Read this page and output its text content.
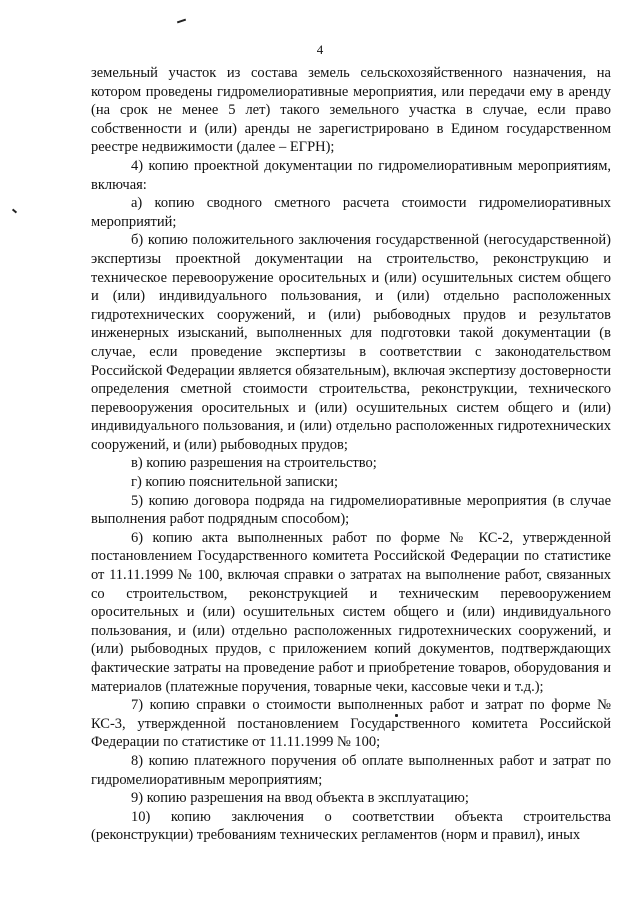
4

земельный участок из состава земель сельскохозяйственного назначения, на котором проведены гидромелиоративные мероприятия, или передачи ему в аренду (на срок не менее 5 лет) такого земельного участка в случае, если право собственности и (или) аренды не зарегистрировано в Едином государственном реестре недвижимости (далее – ЕГРН);

4) копию проектной документации по гидромелиоративным мероприятиям, включая:

а) копию сводного сметного расчета стоимости гидромелиоративных мероприятий;

б) копию положительного заключения государственной (негосударственной) экспертизы проектной документации на строительство, реконструкцию и техническое перевооружение оросительных и (или) осушительных систем общего и (или) индивидуального пользования, и (или) отдельно расположенных гидротехнических сооружений, и (или) рыбоводных прудов и результатов инженерных изысканий, выполненных для подготовки такой документации (в случае, если проведение экспертизы в соответствии с законодательством Российской Федерации является обязательным), включая экспертизу достоверности определения сметной стоимости строительства, реконструкции, технического перевооружения оросительных и (или) осушительных систем общего и (или) индивидуального пользования, и (или) отдельно расположенных гидротехнических сооружений, и (или) рыбоводных прудов;

в) копию разрешения на строительство;

г) копию пояснительной записки;

5) копию договора подряда на гидромелиоративные мероприятия (в случае выполнения работ подрядным способом);

6) копию акта выполненных работ по форме № КС-2, утвержденной постановлением Государственного комитета Российской Федерации по статистике от 11.11.1999 № 100, включая справки о затратах на выполнение работ, связанных со строительством, реконструкцией и техническим перевооружением оросительных и (или) осушительных систем общего и (или) индивидуального пользования, и (или) отдельно расположенных гидротехнических сооружений, и (или) рыбоводных прудов, с приложением копий документов, подтверждающих фактические затраты на проведение работ и приобретение товаров, оборудования и материалов (платежные поручения, товарные чеки, кассовые чеки и т.д.);

7) копию справки о стоимости выполненных работ и затрат по форме № КС-3, утвержденной постановлением Государственного комитета Российской Федерации по статистике от 11.11.1999 № 100;

8) копию платежного поручения об оплате выполненных работ и затрат по гидромелиоративным мероприятиям;

9) копию разрешения на ввод объекта в эксплуатацию;

10) копию заключения о соответствии объекта строительства (реконструкции) требованиям технических регламентов (норм и правил), иных
